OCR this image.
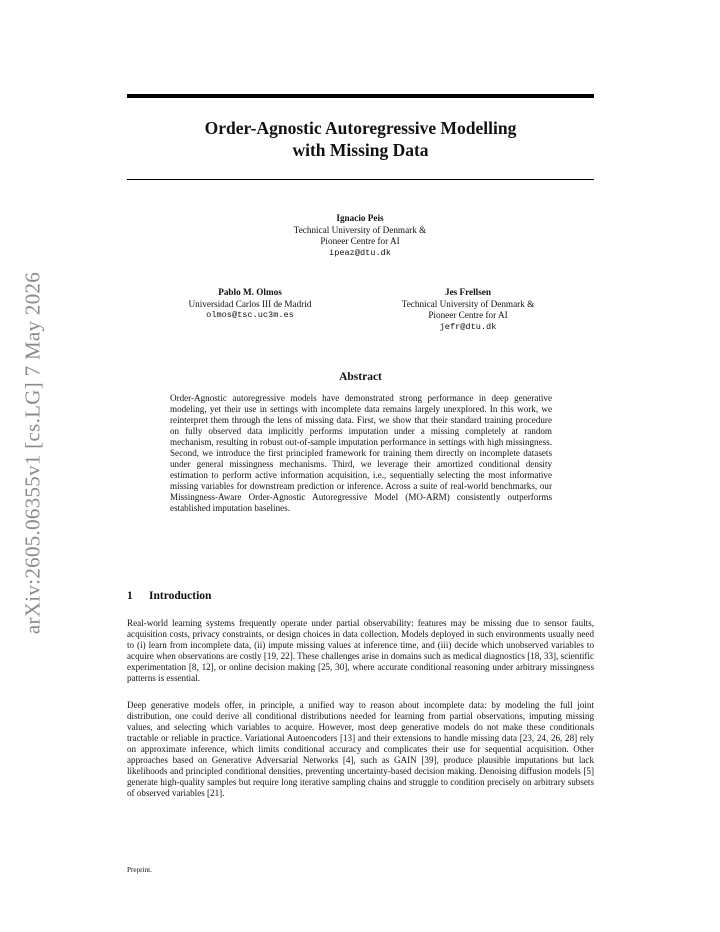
arXiv:2605.06355v1 [cs.LG] 7 May 2026
Order-Agnostic Autoregressive Modelling
with Missing Data
Ignacio Peis
Technical University of Denmark &
Pioneer Centre for AI
ipeaz@dtu.dk
Pablo M. Olmos
Universidad Carlos III de Madrid
olmos@tsc.uc3m.es
Jes Frellsen
Technical University of Denmark &
Pioneer Centre for AI
jefr@dtu.dk
Abstract
Order-Agnostic autoregressive models have demonstrated strong performance in deep generative modeling, yet their use in settings with incomplete data remains largely unexplored. In this work, we reinterpret them through the lens of missing data. First, we show that their standard training procedure on fully observed data implicitly performs imputation under a missing completely at random mechanism, resulting in robust out-of-sample imputation performance in settings with high missingness. Second, we introduce the first principled framework for training them directly on incomplete datasets under general missingness mechanisms. Third, we leverage their amortized conditional density estimation to perform active information acquisition, i.e., sequentially selecting the most informative missing variables for downstream prediction or inference. Across a suite of real-world benchmarks, our Missingness-Aware Order-Agnostic Autoregressive Model (MO-ARM) consistently outperforms established imputation baselines.
1 Introduction

Real-world learning systems frequently operate under partial observability: features may be missing due to sensor faults, acquisition costs, privacy constraints, or design choices in data collection. Models deployed in such environments usually need to (i) learn from incomplete data, (ii) impute missing values at inference time, and (iii) decide which unobserved variables to acquire when observations are costly [19, 22]. These challenges arise in domains such as medical diagnostics [18, 33], scientific experimentation [8, 12], or online decision making [25, 30], where accurate conditional reasoning under arbitrary missingness patterns is essential.

Deep generative models offer, in principle, a unified way to reason about incomplete data: by modeling the full joint distribution, one could derive all conditional distributions needed for learning from partial observations, imputing missing values, and selecting which variables to acquire. However, most deep generative models do not make these conditionals tractable or reliable in practice. Variational Autoencoders [13] and their extensions to handle missing data [23, 24, 26, 28] rely on approximate inference, which limits conditional accuracy and complicates their use for sequential acquisition. Other approaches based on Generative Adversarial Networks [4], such as GAIN [39], produce plausible imputations but lack likelihoods and principled conditional densities, preventing uncertainty-based decision making. Denoising diffusion models [5] generate high-quality samples but require long iterative sampling chains and struggle to condition precisely on arbitrary subsets of observed variables [21].

Preprint.
